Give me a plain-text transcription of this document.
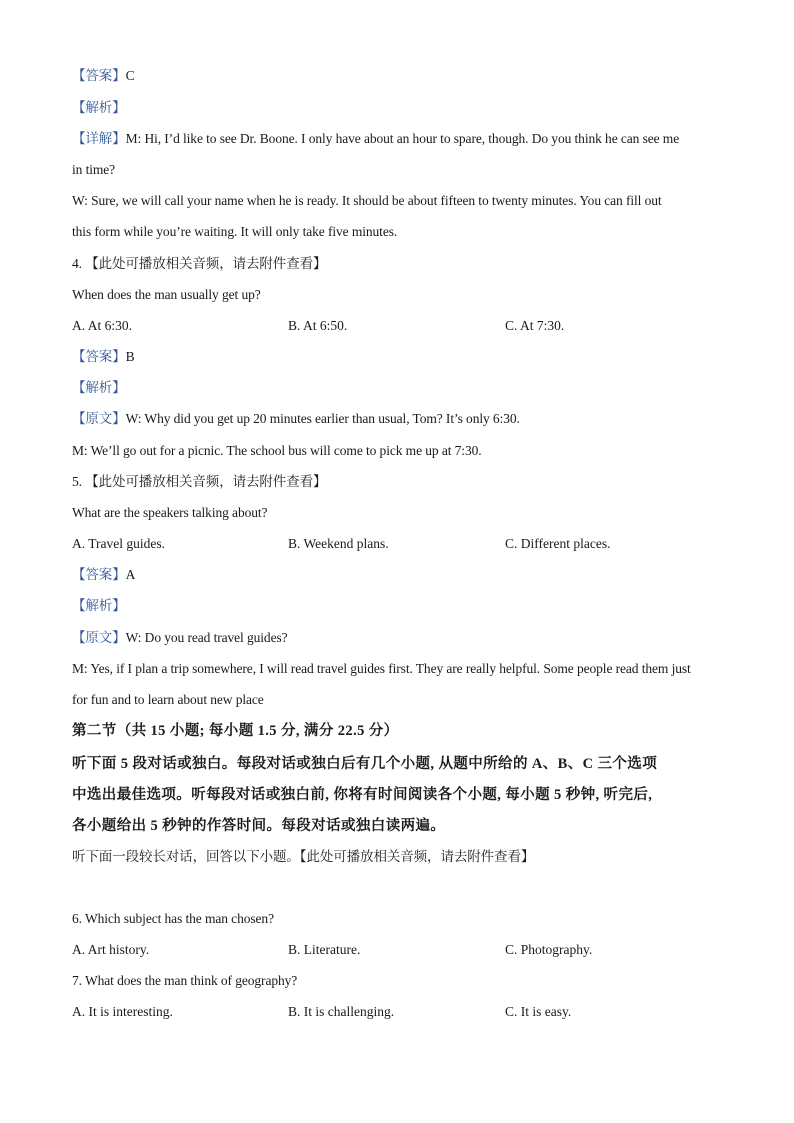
【答案】C
【解析】
【详解】M: Hi, I’d like to see Dr. Boone. I only have about an hour to spare, though. Do you think he can see me
in time?
W: Sure, we will call your name when he is ready. It should be about fifteen to twenty minutes. You can fill out
this form while you’re waiting. It will only take five minutes.
4. 【此处可播放相关音频，请去附件查看】
When does the man usually get up?
A. At 6:30.	B. At 6:50.	C. At 7:30.
【答案】B
【解析】
【原文】W: Why did you get up 20 minutes earlier than usual, Tom? It’s only 6:30.
M: We’ll go out for a picnic. The school bus will come to pick me up at 7:30.
5. 【此处可播放相关音频，请去附件查看】
What are the speakers talking about?
A. Travel guides.	B. Weekend plans.	C. Different places.
【答案】A
【解析】
【原文】W: Do you read travel guides?
M: Yes, if I plan a trip somewhere, I will read travel guides first. They are really helpful. Some people read them just
for fun and to learn about new place
第二节（共 15 小题; 每小题 1.5 分, 满分 22.5 分）
听下面 5 段对话或独白。每段对话或独白后有几个小题, 从题中所给的 A、B、C 三个选项
中选出最佳选项。听每段对话或独白前, 你将有时间阅读各个小题, 每小题 5 秒钟, 听完后,
各小题给出 5 秒钟的作答时间。每段对话或独白读两遍。
听下面一段较长对话，回答以下小题。【此处可播放相关音频，请去附件查看】
6. Which subject has the man chosen?
A. Art history.	B. Literature.	C. Photography.
7. What does the man think of geography?
A. It is interesting.	B. It is challenging.	C. It is easy.
